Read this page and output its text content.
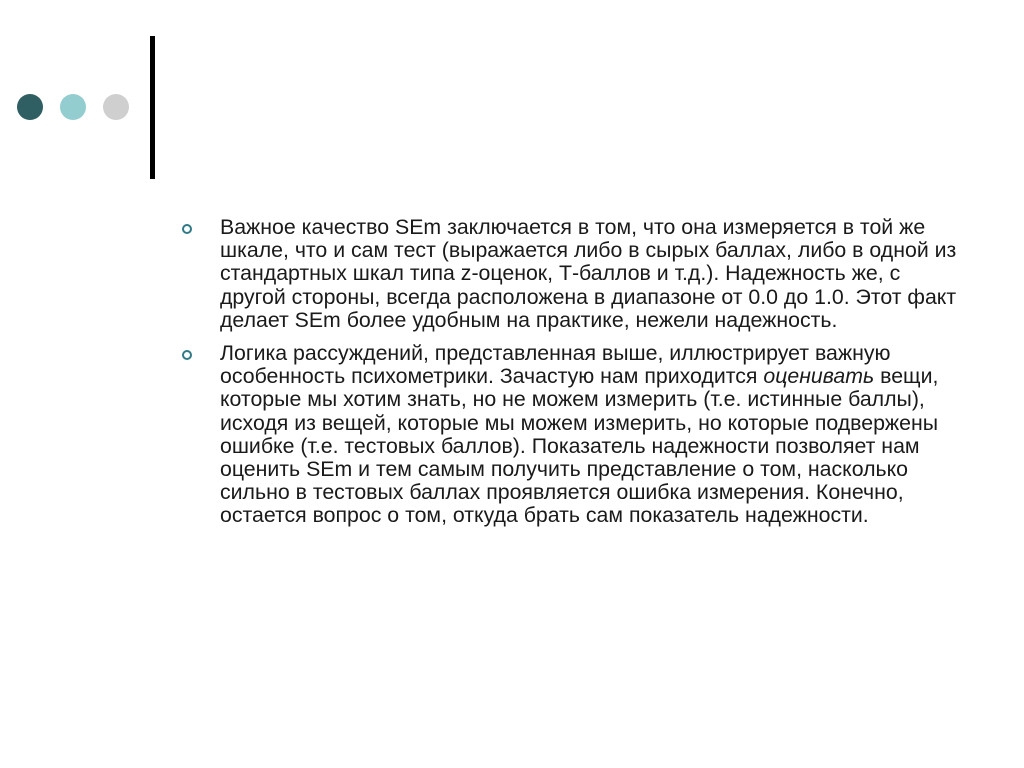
Важное качество SEm заключается в том, что она измеряется в той же шкале, что и сам тест (выражается либо в сырых баллах, либо в одной из стандартных шкал типа z-оценок, Т-баллов и т.д.). Надежность же, с другой стороны, всегда расположена в диапазоне от 0.0 до 1.0. Этот факт делает SEm более удобным на практике, нежели надежность.
Логика рассуждений, представленная выше, иллюстрирует важную особенность психометрики. Зачастую нам приходится оценивать вещи, которые мы хотим знать, но не можем измерить (т.е. истинные баллы), исходя из вещей, которые мы можем измерить, но которые подвержены ошибке (т.е. тестовых баллов). Показатель надежности позволяет нам оценить SEm и тем самым получить представление о том, насколько сильно в тестовых баллах проявляется ошибка измерения. Конечно, остается вопрос о том, откуда брать сам показатель надежности.
